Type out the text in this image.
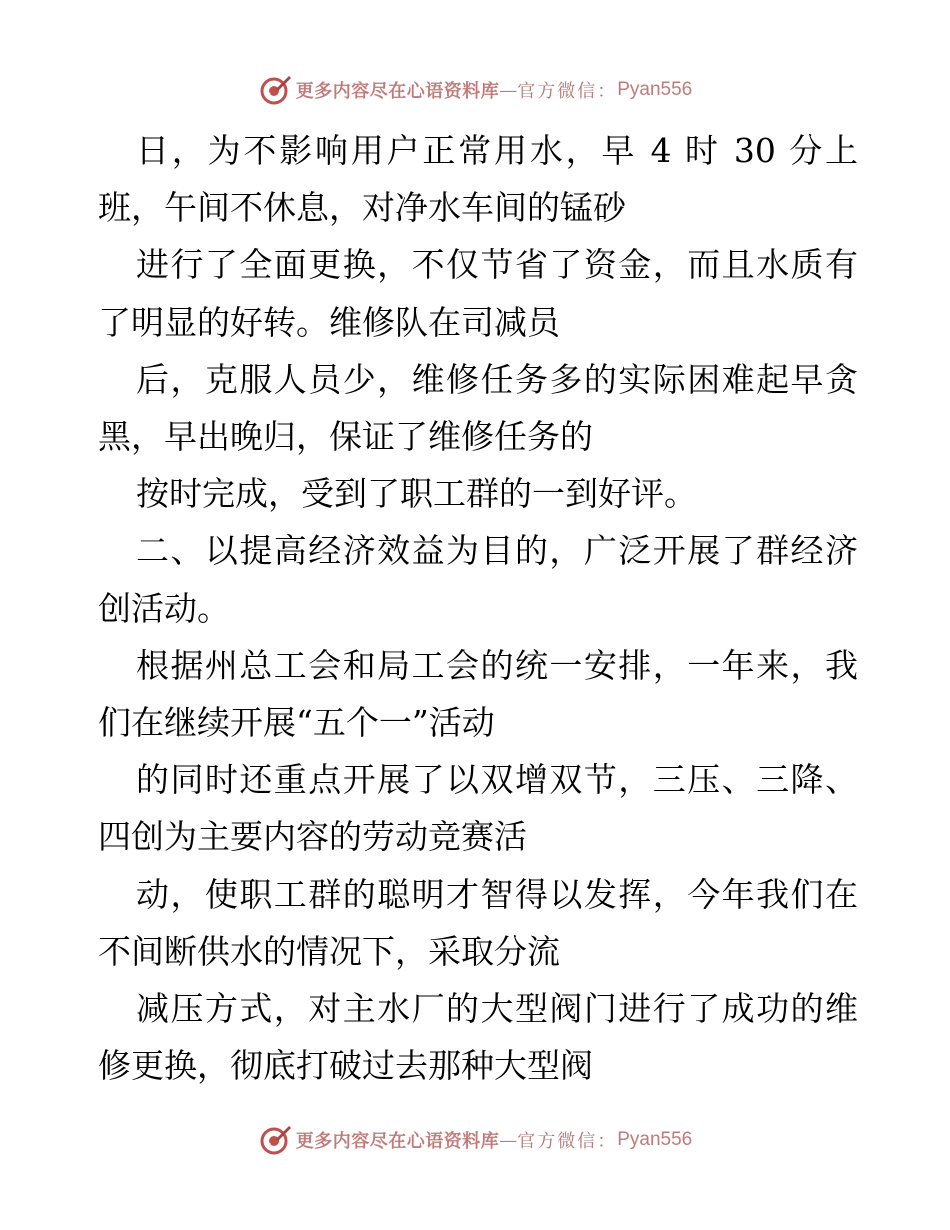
更多内容尽在心语资料库 — 官方微信： Pyan556

日，为不影响用户正常用水，早 4 时 30 分上班，午间不休息，对净水车间的锰砂

进行了全面更换，不仅节省了资金，而且水质有了明显的好转。维修队在司减员

后，克服人员少，维修任务多的实际困难起早贪黑，早出晚归，保证了维修任务的

按时完成，受到了职工群的一到好评。

二、以提高经济效益为目的，广泛开展了群经济创活动。

根据州总工会和局工会的统一安排，一年来，我们在继续开展“五个一”活动

的同时还重点开展了以双增双节，三压、三降、四创为主要内容的劳动竞赛活

动，使职工群的聪明才智得以发挥，今年我们在不间断供水的情况下，采取分流

减压方式，对主水厂的大型阀门进行了成功的维修更换，彻底打破过去那种大型阀

更多内容尽在心语资料库 — 官方微信： Pyan556
